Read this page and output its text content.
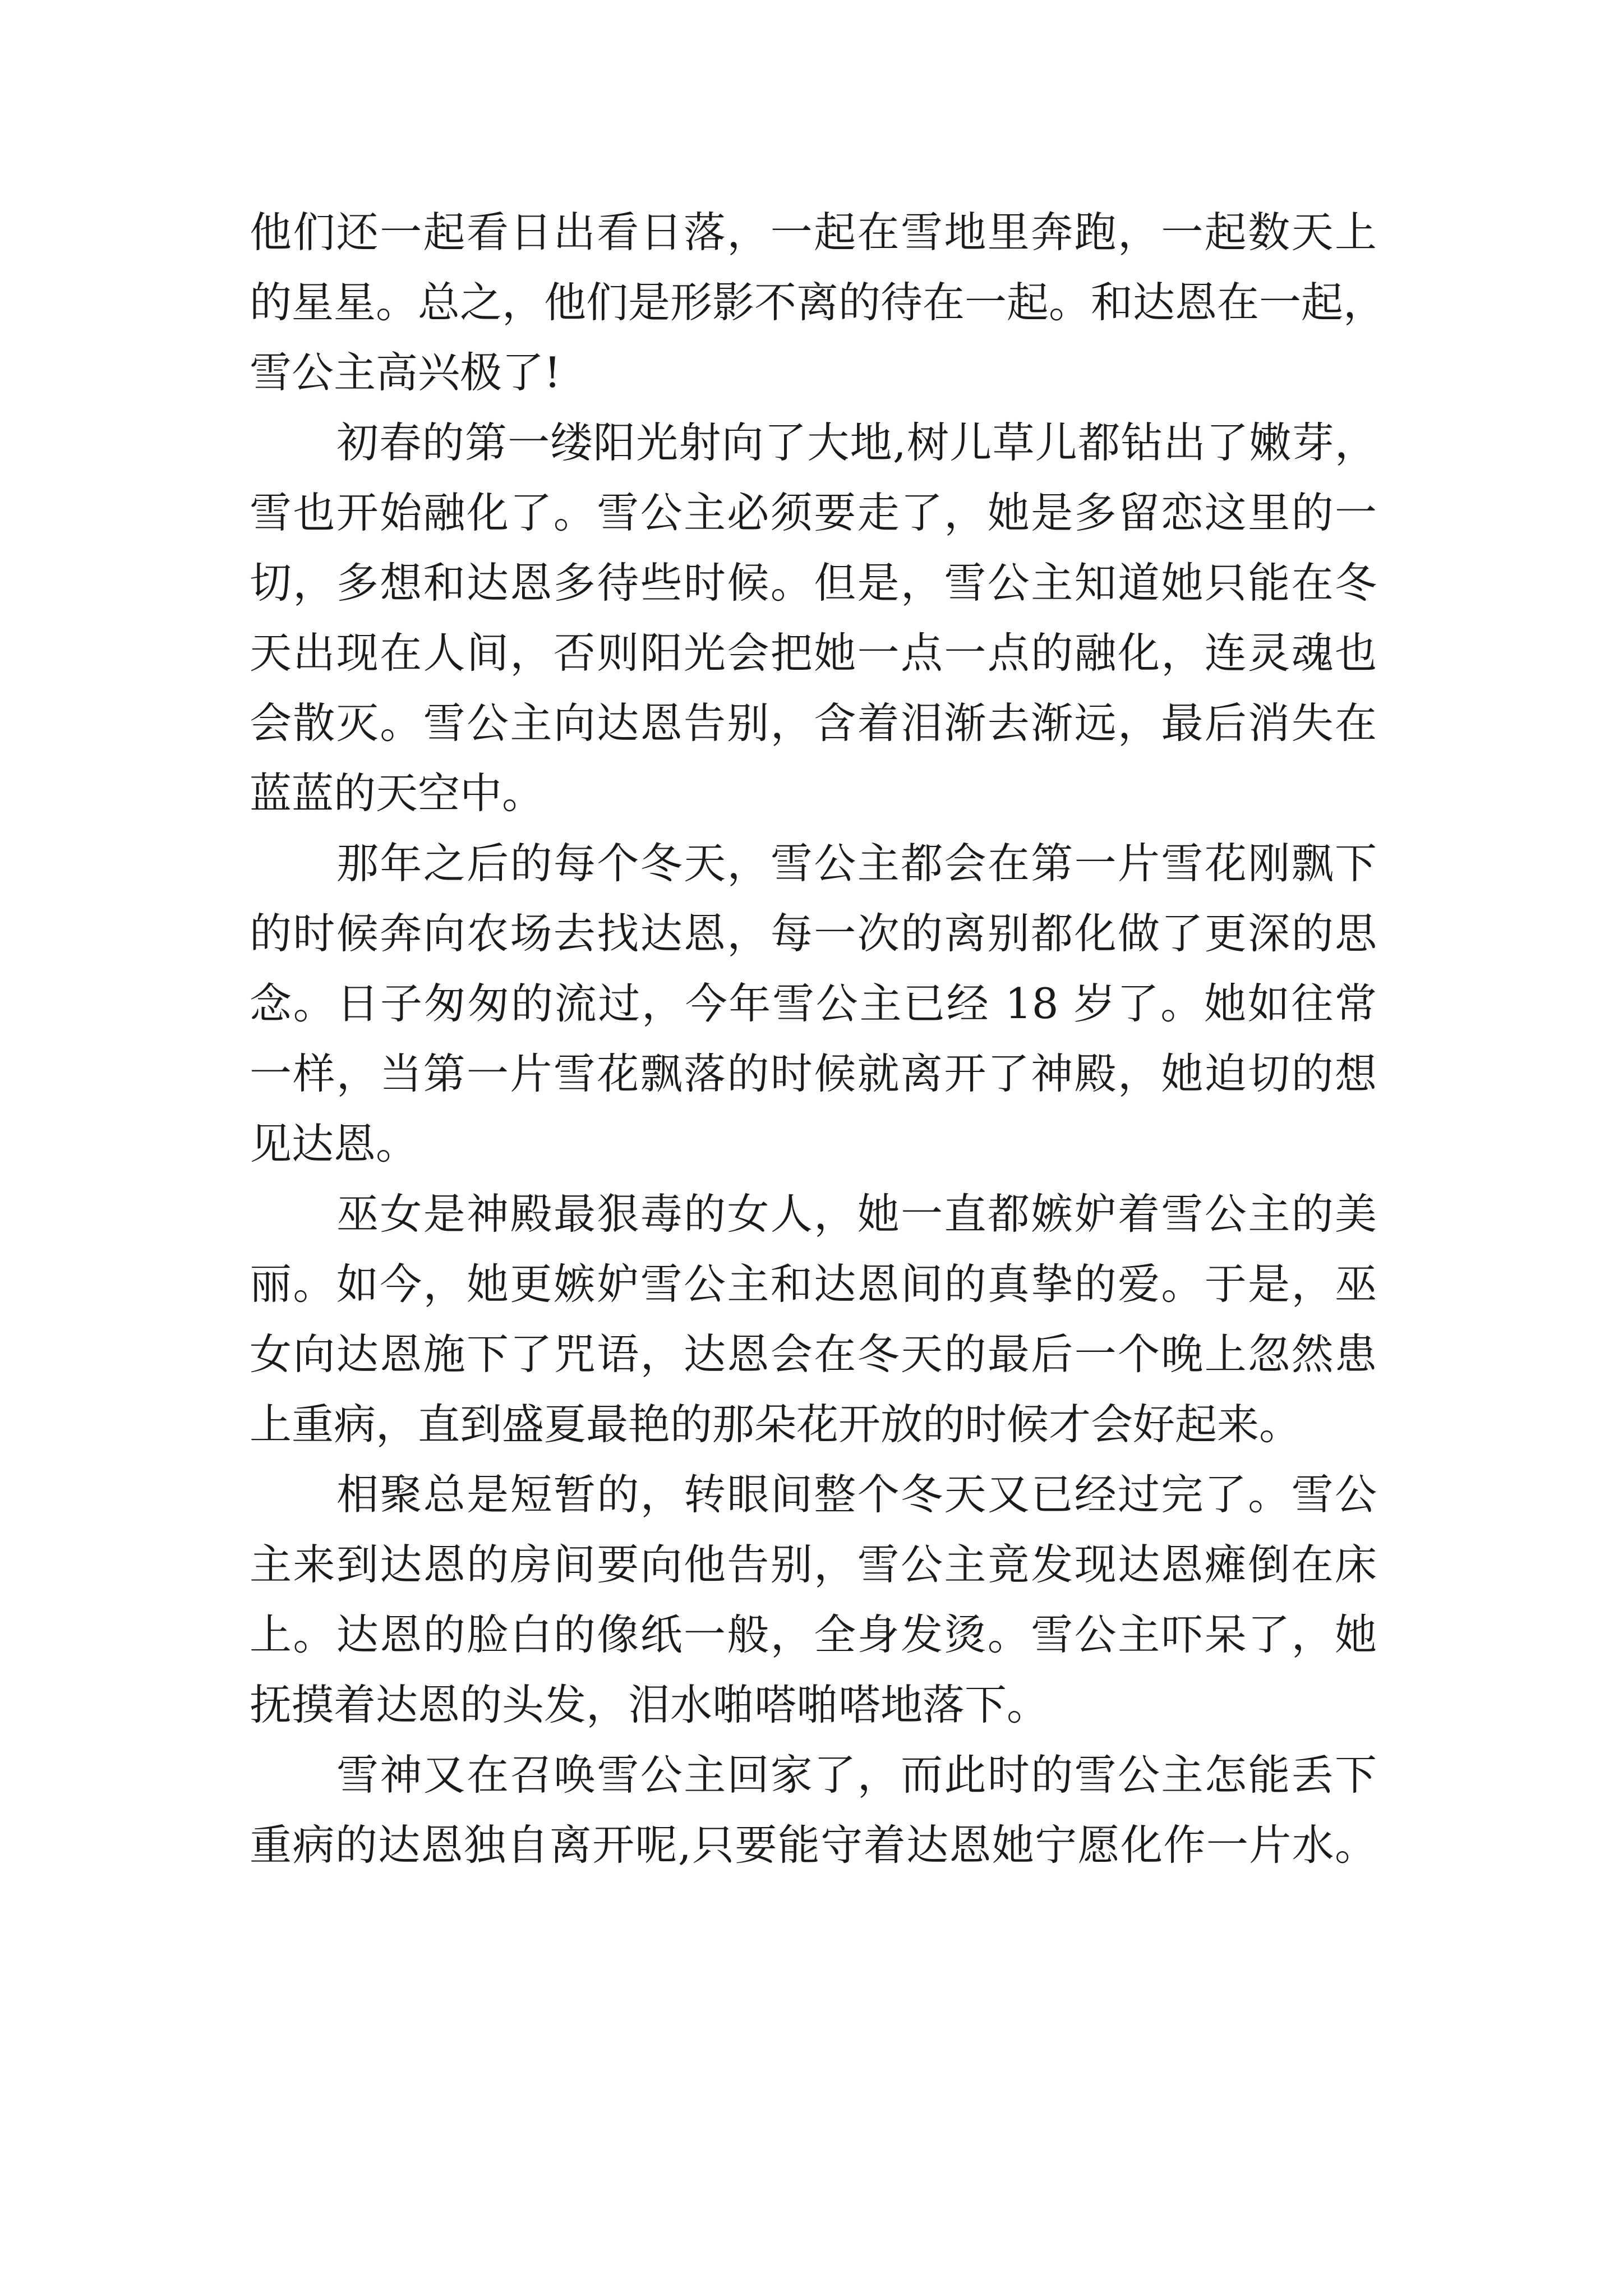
他们还一起看日出看日落，一起在雪地里奔跑，一起数天上
的星星。总之，他们是形影不离的待在一起。和达恩在一起，
雪公主高兴极了!
初春的第一缕阳光射向了大地,树儿草儿都钻出了嫩芽，
雪也开始融化了。雪公主必须要走了，她是多留恋这里的一
切，多想和达恩多待些时候。但是，雪公主知道她只能在冬
天出现在人间，否则阳光会把她一点一点的融化，连灵魂也
会散灭。雪公主向达恩告别，含着泪渐去渐远，最后消失在
蓝蓝的天空中。
那年之后的每个冬天，雪公主都会在第一片雪花刚飘下
的时候奔向农场去找达恩，每一次的离别都化做了更深的思
念。日子匆匆的流过，今年雪公主已经 18 岁了。她如往常
一样，当第一片雪花飘落的时候就离开了神殿，她迫切的想
见达恩。
巫女是神殿最狠毒的女人，她一直都嫉妒着雪公主的美
丽。如今，她更嫉妒雪公主和达恩间的真挚的爱。于是，巫
女向达恩施下了咒语，达恩会在冬天的最后一个晚上忽然患
上重病，直到盛夏最艳的那朵花开放的时候才会好起来。
相聚总是短暂的，转眼间整个冬天又已经过完了。雪公
主来到达恩的房间要向他告别，雪公主竟发现达恩瘫倒在床
上。达恩的脸白的像纸一般，全身发烫。雪公主吓呆了，她
抚摸着达恩的头发，泪水啪嗒啪嗒地落下。
雪神又在召唤雪公主回家了，而此时的雪公主怎能丢下
重病的达恩独自离开呢,只要能守着达恩她宁愿化作一片水。
